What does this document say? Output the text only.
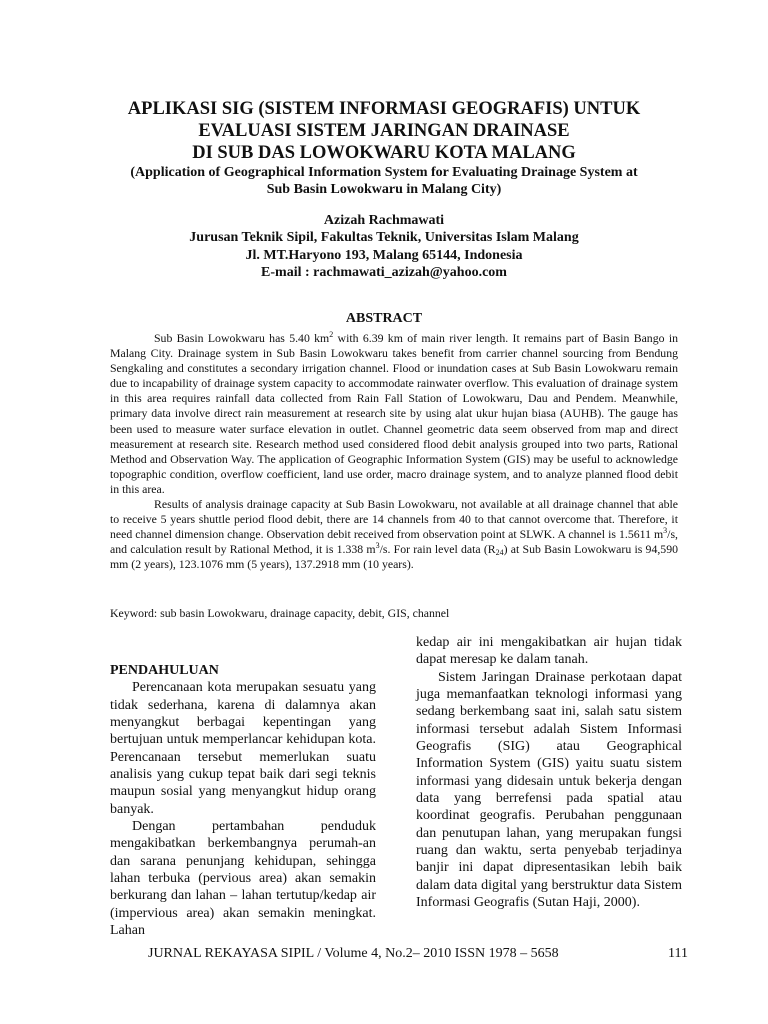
APLIKASI SIG (SISTEM INFORMASI GEOGRAFIS) UNTUK
EVALUASI SISTEM JARINGAN DRAINASE
DI SUB DAS LOWOKWARU KOTA MALANG
(Application of Geographical Information System for Evaluating Drainage System at
Sub Basin Lowokwaru in Malang City)
Azizah Rachmawati
Jurusan Teknik Sipil, Fakultas Teknik, Universitas Islam Malang
Jl. MT.Haryono 193, Malang 65144, Indonesia
E-mail : rachmawati_azizah@yahoo.com
ABSTRACT

Sub Basin Lowokwaru has 5.40 $km^2$ with 6.39 km of main river length. It remains part of Basin Bango in Malang City. Drainage system in Sub Basin Lowokwaru takes benefit from carrier channel sourcing from Bendung Sengkaling and constitutes a secondary irrigation channel. Flood or inundation cases at Sub Basin Lowokwaru remain due to incapability of drainage system capacity to accommodate rainwater overflow. This evaluation of drainage system in this area requires rainfall data collected from Rain Fall Station of Lowokwaru, Dau and Pendem. Meanwhile, primary data involve direct rain measurement at research site by using alat ukur hujan biasa (AUHB). The gauge has been used to measure water surface elevation in outlet. Channel geometric data seem observed from map and direct measurement at research site. Research method used considered flood debit analysis grouped into two parts, Rational Method and Observation Way. The application of Geographic Information System (GIS) may be useful to acknowledge topographic condition, overflow coefficient, land use order, macro drainage system, and to analyze planned flood debit in this area.

Results of analysis drainage capacity at Sub Basin Lowokwaru, not available at all drainage channel that able to receive 5 years shuttle period flood debit, there are 14 channels from 40 to that cannot overcome that. Therefore, it need channel dimension change. Observation debit received from observation point at SLWK. A channel is 1.5611 $m^3/s$, and calculation result by Rational Method, it is 1.338 $m^3/s$. For rain level data $(R_{24})$ at Sub Basin Lowokwaru is 94,590 mm (2 years), 123.1076 mm (5 years), 137.2918 mm (10 years).

Keyword: sub basin Lowokwaru, drainage capacity, debit, GIS, channel

PENDAHULUAN

Perencanaan kota merupakan sesuatu yang tidak sederhana, karena di dalamnya akan menyangkut berbagai kepentingan yang bertujuan untuk memperlancar kehidupan kota. Perencanaan tersebut memerlukan suatu analisis yang cukup tepat baik dari segi teknis maupun sosial yang menyangkut hidup orang banyak.

Dengan pertambahan penduduk mengakibatkan berkembangnya perumah-an dan sarana penunjang kehidupan, sehingga lahan terbuka (pervious area) akan semakin berkurang dan lahan – lahan tertutup/kedap air (impervious area) akan semakin meningkat. Lahan

kedap air ini mengakibatkan air hujan tidak dapat meresap ke dalam tanah.

Sistem Jaringan Drainase perkotaan dapat juga memanfaatkan teknologi informasi yang sedang berkembang saat ini, salah satu sistem informasi tersebut adalah Sistem Informasi Geografis (SIG) atau Geographical Information System (GIS) yaitu suatu sistem informasi yang didesain untuk bekerja dengan data yang berrefensi pada spatial atau koordinat geografis. Perubahan penggunaan dan penutupan lahan, yang merupakan fungsi ruang dan waktu, serta penyebab terjadinya banjir ini dapat dipresentasikan lebih baik dalam data digital yang berstruktur data Sistem Informasi Geografis (Sutan Haji, 2000).

JURNAL REKAYASA SIPIL / Volume 4, No.2– 2010 ISSN 1978 – 5658	111
